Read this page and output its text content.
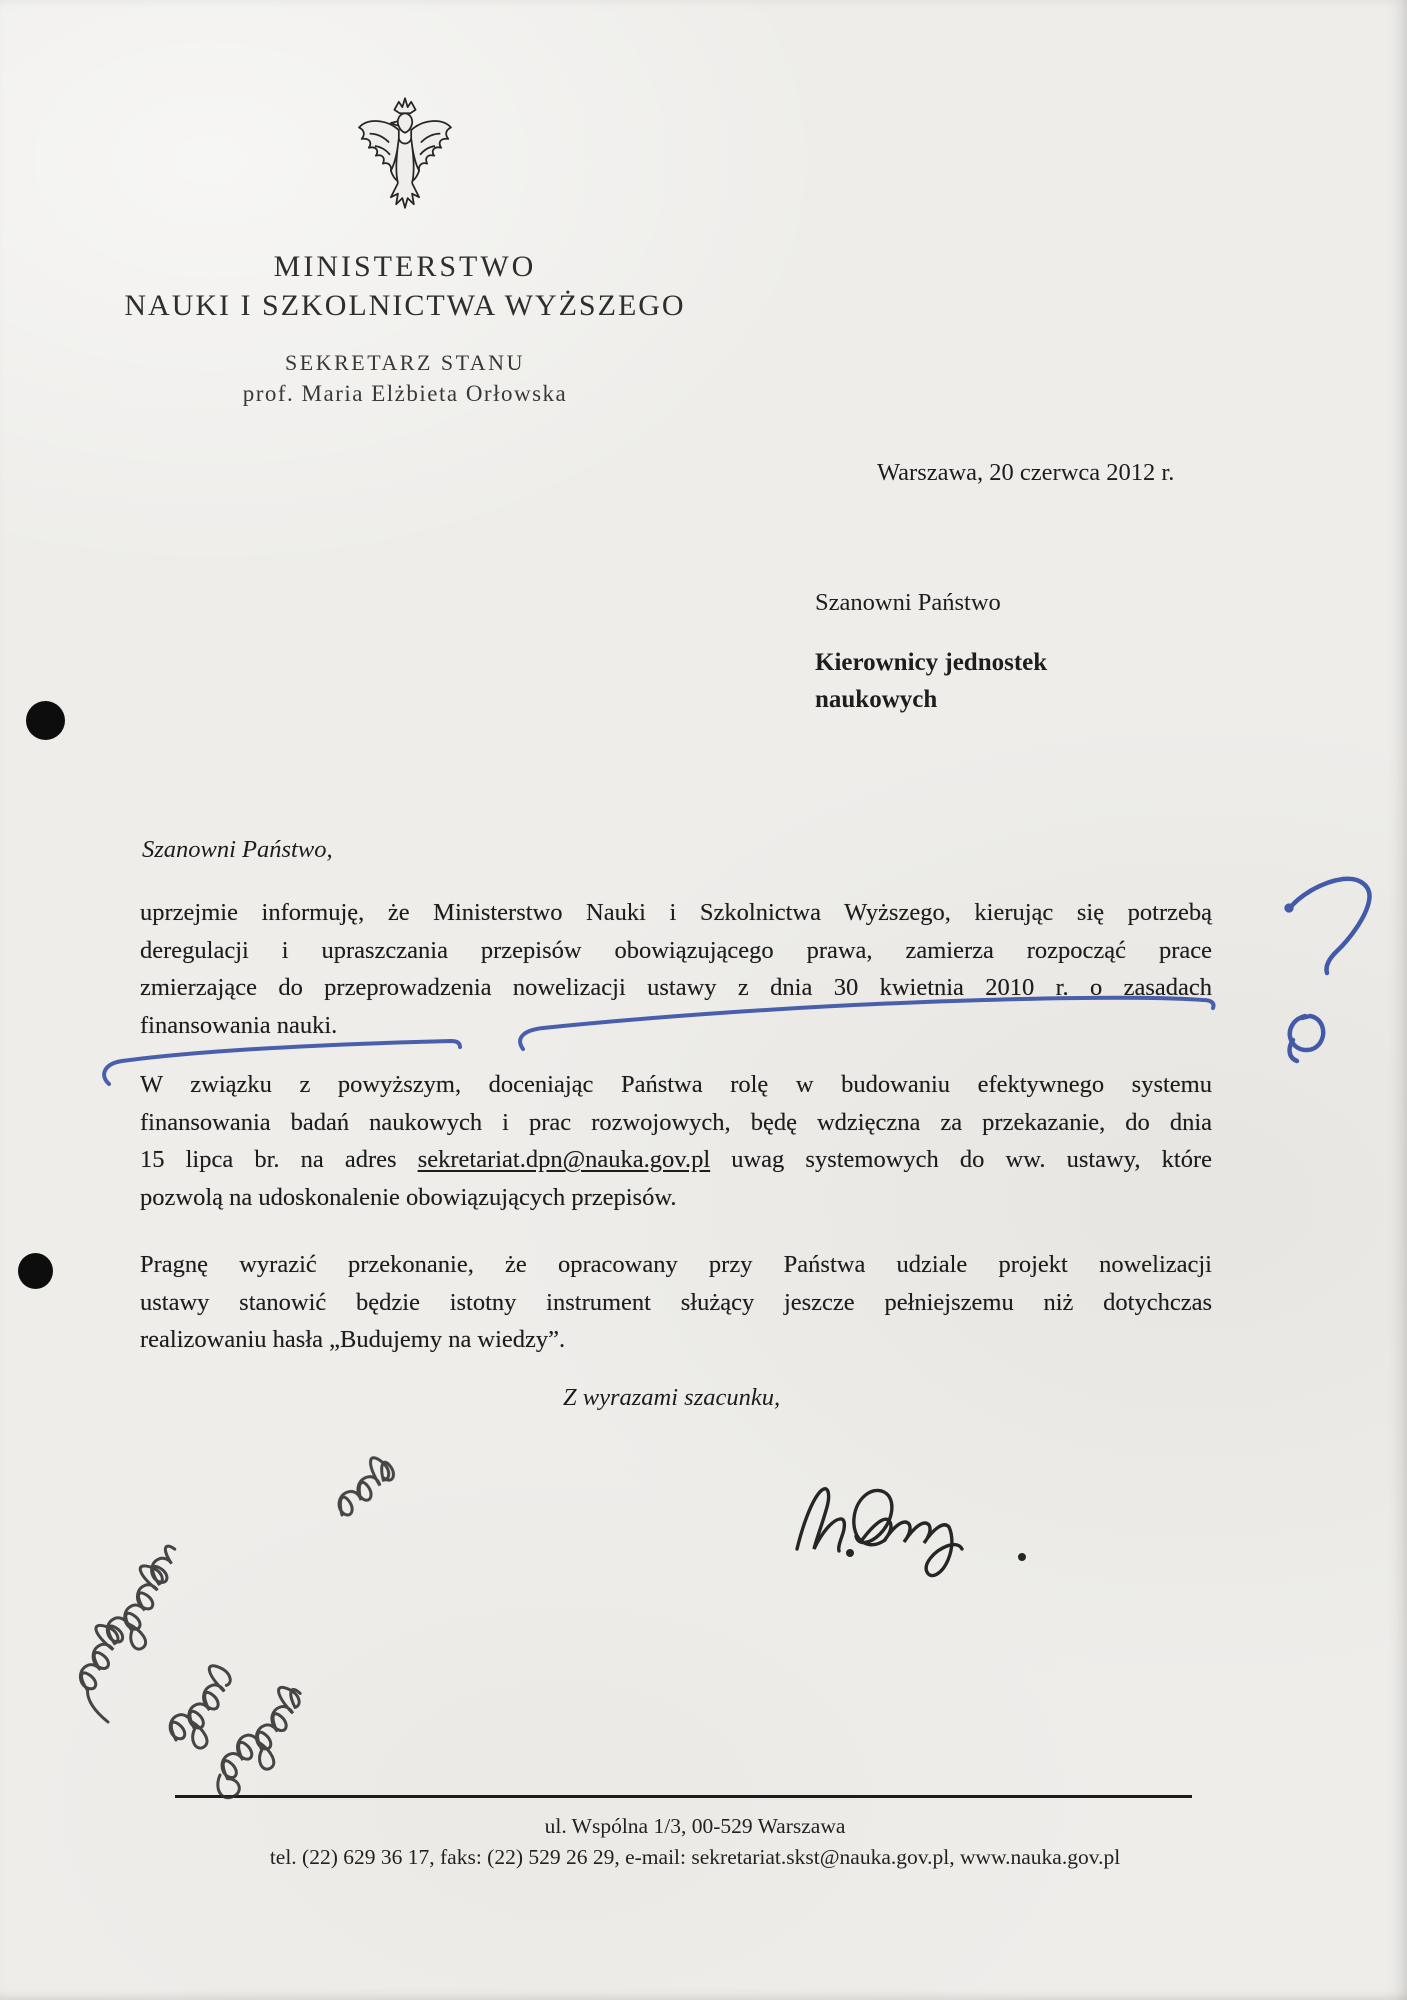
MINISTERSTWO
NAUKI I SZKOLNICTWA WYŻSZEGO
SEKRETARZ STANU
prof. Maria Elżbieta Orłowska
Warszawa, 20 czerwca 2012 r.
Szanowni Państwo
Kierownicy jednostek
naukowych
Szanowni Państwo,
uprzejmie informuję, że Ministerstwo Nauki i Szkolnictwa Wyższego, kierując się potrzebą
deregulacji i upraszczania przepisów obowiązującego prawa, zamierza rozpocząć prace
zmierzające do przeprowadzenia nowelizacji ustawy z dnia 30 kwietnia 2010 r. o zasadach
finansowania nauki.
W związku z powyższym, doceniając Państwa rolę w budowaniu efektywnego systemu
finansowania badań naukowych i prac rozwojowych, będę wdzięczna za przekazanie, do dnia
15 lipca br. na adres sekretariat.dpn@nauka.gov.pl uwag systemowych do ww. ustawy, które
pozwolą na udoskonalenie obowiązujących przepisów.
Pragnę wyrazić przekonanie, że opracowany przy Państwa udziale projekt nowelizacji
ustawy stanowić będzie istotny instrument służący jeszcze pełniejszemu niż dotychczas
realizowaniu hasła „Budujemy na wiedzy”.
Z wyrazami szacunku,
ul. Wspólna 1/3, 00-529 Warszawa
tel. (22) 629 36 17, faks: (22) 529 26 29, e-mail: sekretariat.skst@nauka.gov.pl, www.nauka.gov.pl
